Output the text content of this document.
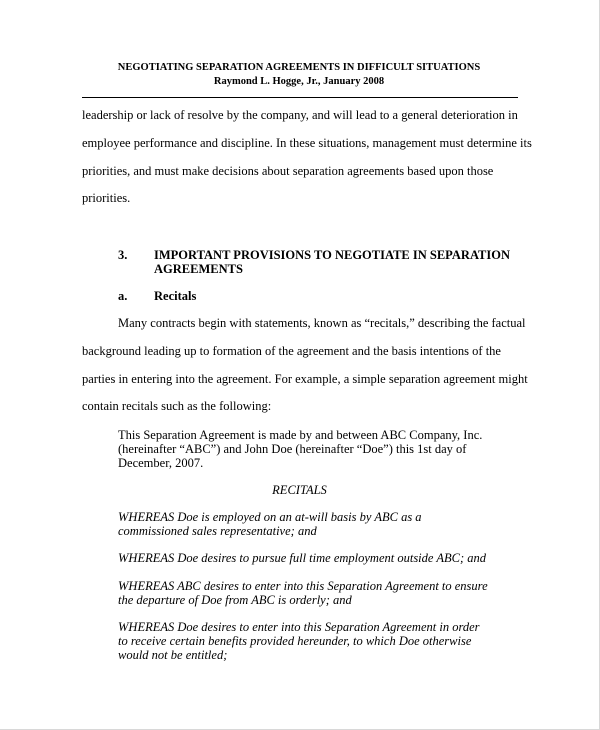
NEGOTIATING SEPARATION AGREEMENTS IN DIFFICULT SITUATIONS
Raymond L. Hogge, Jr., January 2008
leadership or lack of resolve by the company, and will lead to a general deterioration in
employee performance and discipline. In these situations, management must determine its
priorities, and must make decisions about separation agreements based upon those
priorities.
3. IMPORTANT PROVISIONS TO NEGOTIATE IN SEPARATION
AGREEMENTS
a. Recitals
Many contracts begin with statements, known as “recitals,” describing the factual
background leading up to formation of the agreement and the basis intentions of the
parties in entering into the agreement. For example, a simple separation agreement might
contain recitals such as the following:
This Separation Agreement is made by and between ABC Company, Inc.
(hereinafter “ABC”) and John Doe (hereinafter “Doe”) this 1st day of
December, 2007.
RECITALS
WHEREAS Doe is employed on an at-will basis by ABC as a
commissioned sales representative; and
WHEREAS Doe desires to pursue full time employment outside ABC; and
WHEREAS ABC desires to enter into this Separation Agreement to ensure
the departure of Doe from ABC is orderly; and
WHEREAS Doe desires to enter into this Separation Agreement in order
to receive certain benefits provided hereunder, to which Doe otherwise
would not be entitled;
